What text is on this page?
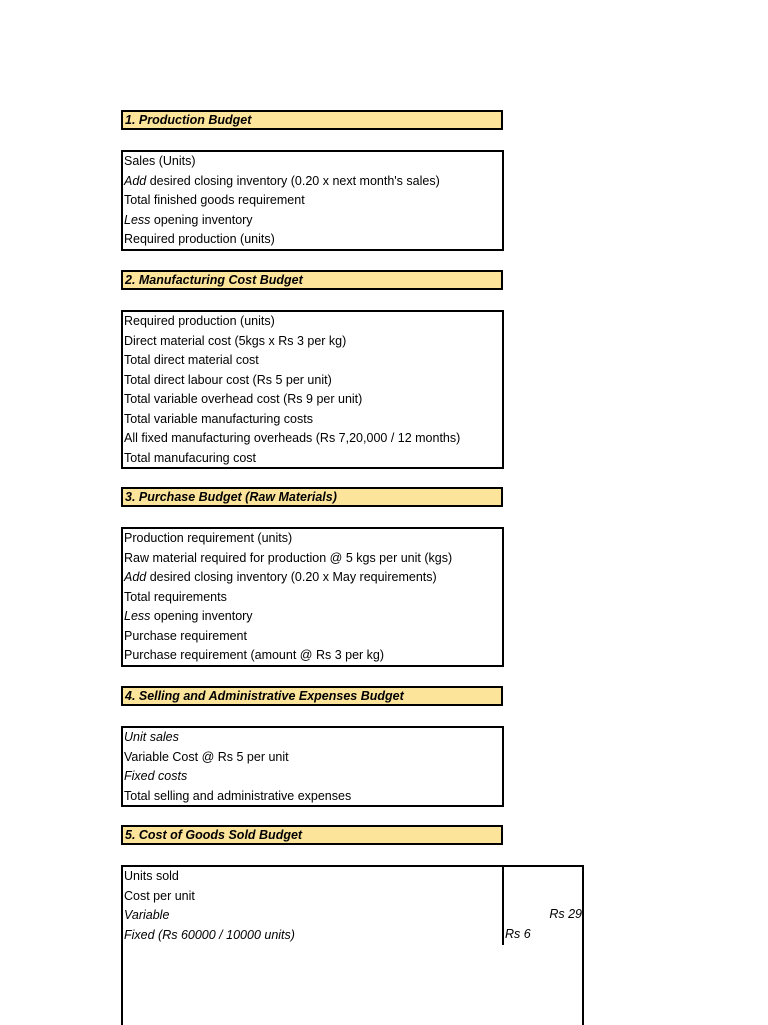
1. Production Budget
Sales (Units)
Add desired closing inventory (0.20 x next month's sales)
Total finished goods requirement
Less opening inventory
Required production (units)
2. Manufacturing Cost Budget
Required production (units)
Direct material cost (5kgs x Rs 3 per kg)
Total direct material cost
Total direct labour cost (Rs 5 per unit)
Total variable overhead cost (Rs 9 per unit)
Total variable manufacturing costs
All fixed manufacturing overheads (Rs 7,20,000 / 12 months)
Total manufacuring cost
3. Purchase Budget (Raw Materials)
Production requirement (units)
Raw material required for production @ 5 kgs per unit (kgs)
Add desired closing inventory (0.20 x May requirements)
Total requirements
Less opening inventory
Purchase requirement
Purchase requirement (amount @ Rs 3 per kg)
4. Selling and Administrative Expenses Budget
Unit sales
Variable Cost @ Rs 5 per unit
Fixed costs
Total selling and administrative expenses
5. Cost of Goods Sold Budget
Units sold
Cost per unit
Variable
Fixed (Rs 60000 / 10000 units)
Rs 29
Rs 6
